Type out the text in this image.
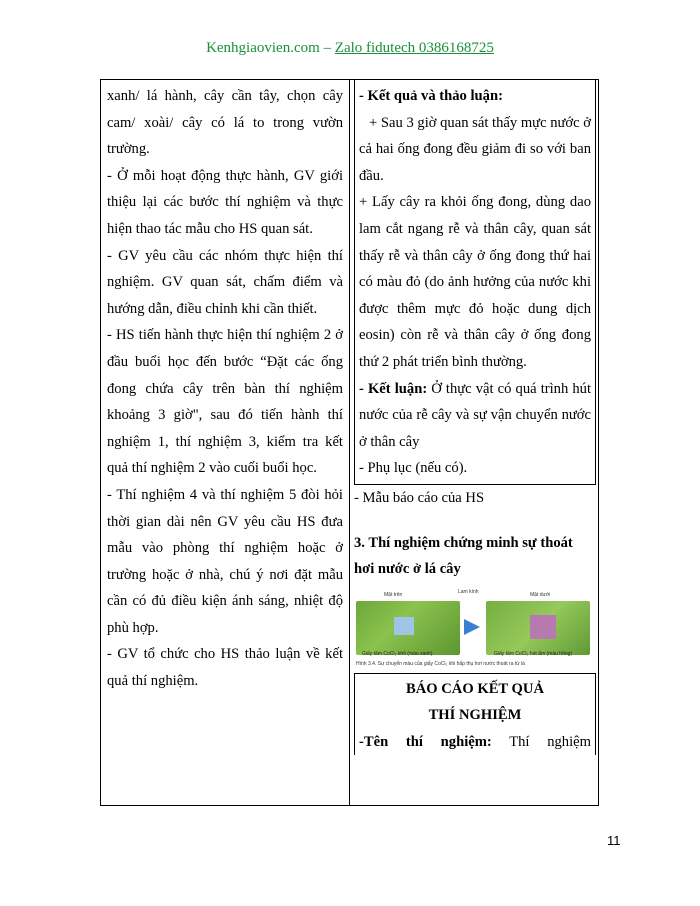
Kenhgiaovien.com – Zalo fidutech 0386168725

xanh/ lá hành, cây cần tây, chọn cây cam/ xoài/ cây có lá to trong vườn trường.

- Ở mỗi hoạt động thực hành, GV giới thiệu lại các bước thí nghiệm và thực hiện thao tác mẫu cho HS quan sát.

- GV yêu cầu các nhóm thực hiện thí nghiệm. GV quan sát, chấm điểm và hướng dẫn, điều chỉnh khi cần thiết.

- HS tiến hành thực hiện thí nghiệm 2 ở đầu buổi học đến bước “Đặt các ống đong chứa cây trên bàn thí nghiệm khoảng 3 giờ", sau đó tiến hành thí nghiệm 1, thí nghiệm 3, kiểm tra kết quả thí nghiệm 2 vào cuối buổi học.

- Thí nghiệm 4 và thí nghiệm 5 đòi hỏi thời gian dài nên GV yêu cầu HS đưa mẫu vào phòng thí nghiệm hoặc ở trường hoặc ở nhà, chú ý nơi đặt mẫu cần có đủ điều kiện ánh sáng, nhiệt độ phù hợp.

- GV tổ chức cho HS thảo luận về kết quả thí nghiệm.

- Kết quả và thảo luận:

+ Sau 3 giờ quan sát thấy mực nước ở cả hai ống đong đều giảm đi so với ban đầu.

+ Lấy cây ra khỏi ống đong, dùng dao lam cắt ngang rễ và thân cây, quan sát thấy rễ và thân cây ở ống đong thứ hai có màu đỏ (do ảnh hưởng của nước khi được thêm mực đỏ hoặc dung dịch eosin) còn rễ và thân cây ở ống đong thứ 2 phát triển bình thường.

- Kết luận: Ở thực vật có quá trình hút nước của rễ cây và sự vận chuyển nước ở thân cây

- Phụ lục (nếu có).

- Mẫu báo cáo của HS

3. Thí nghiệm chứng minh sự thoát hơi nước ở lá cây
Mặt trên	Lam kính	Mặt dưới
Giấy tẩm CoCl₂ khô (màu xanh)	Giấy tẩm CoCl₂ hút ẩm (màu hồng)
Hình 3.4. Sự chuyển màu của giấy CoCl₂ khi hấp thụ hơi nước thoát ra từ lá

BÁO CÁO KẾT QUẢ

THÍ NGHIỆM

-Tên thí nghiệm: Thí nghiệm

11
